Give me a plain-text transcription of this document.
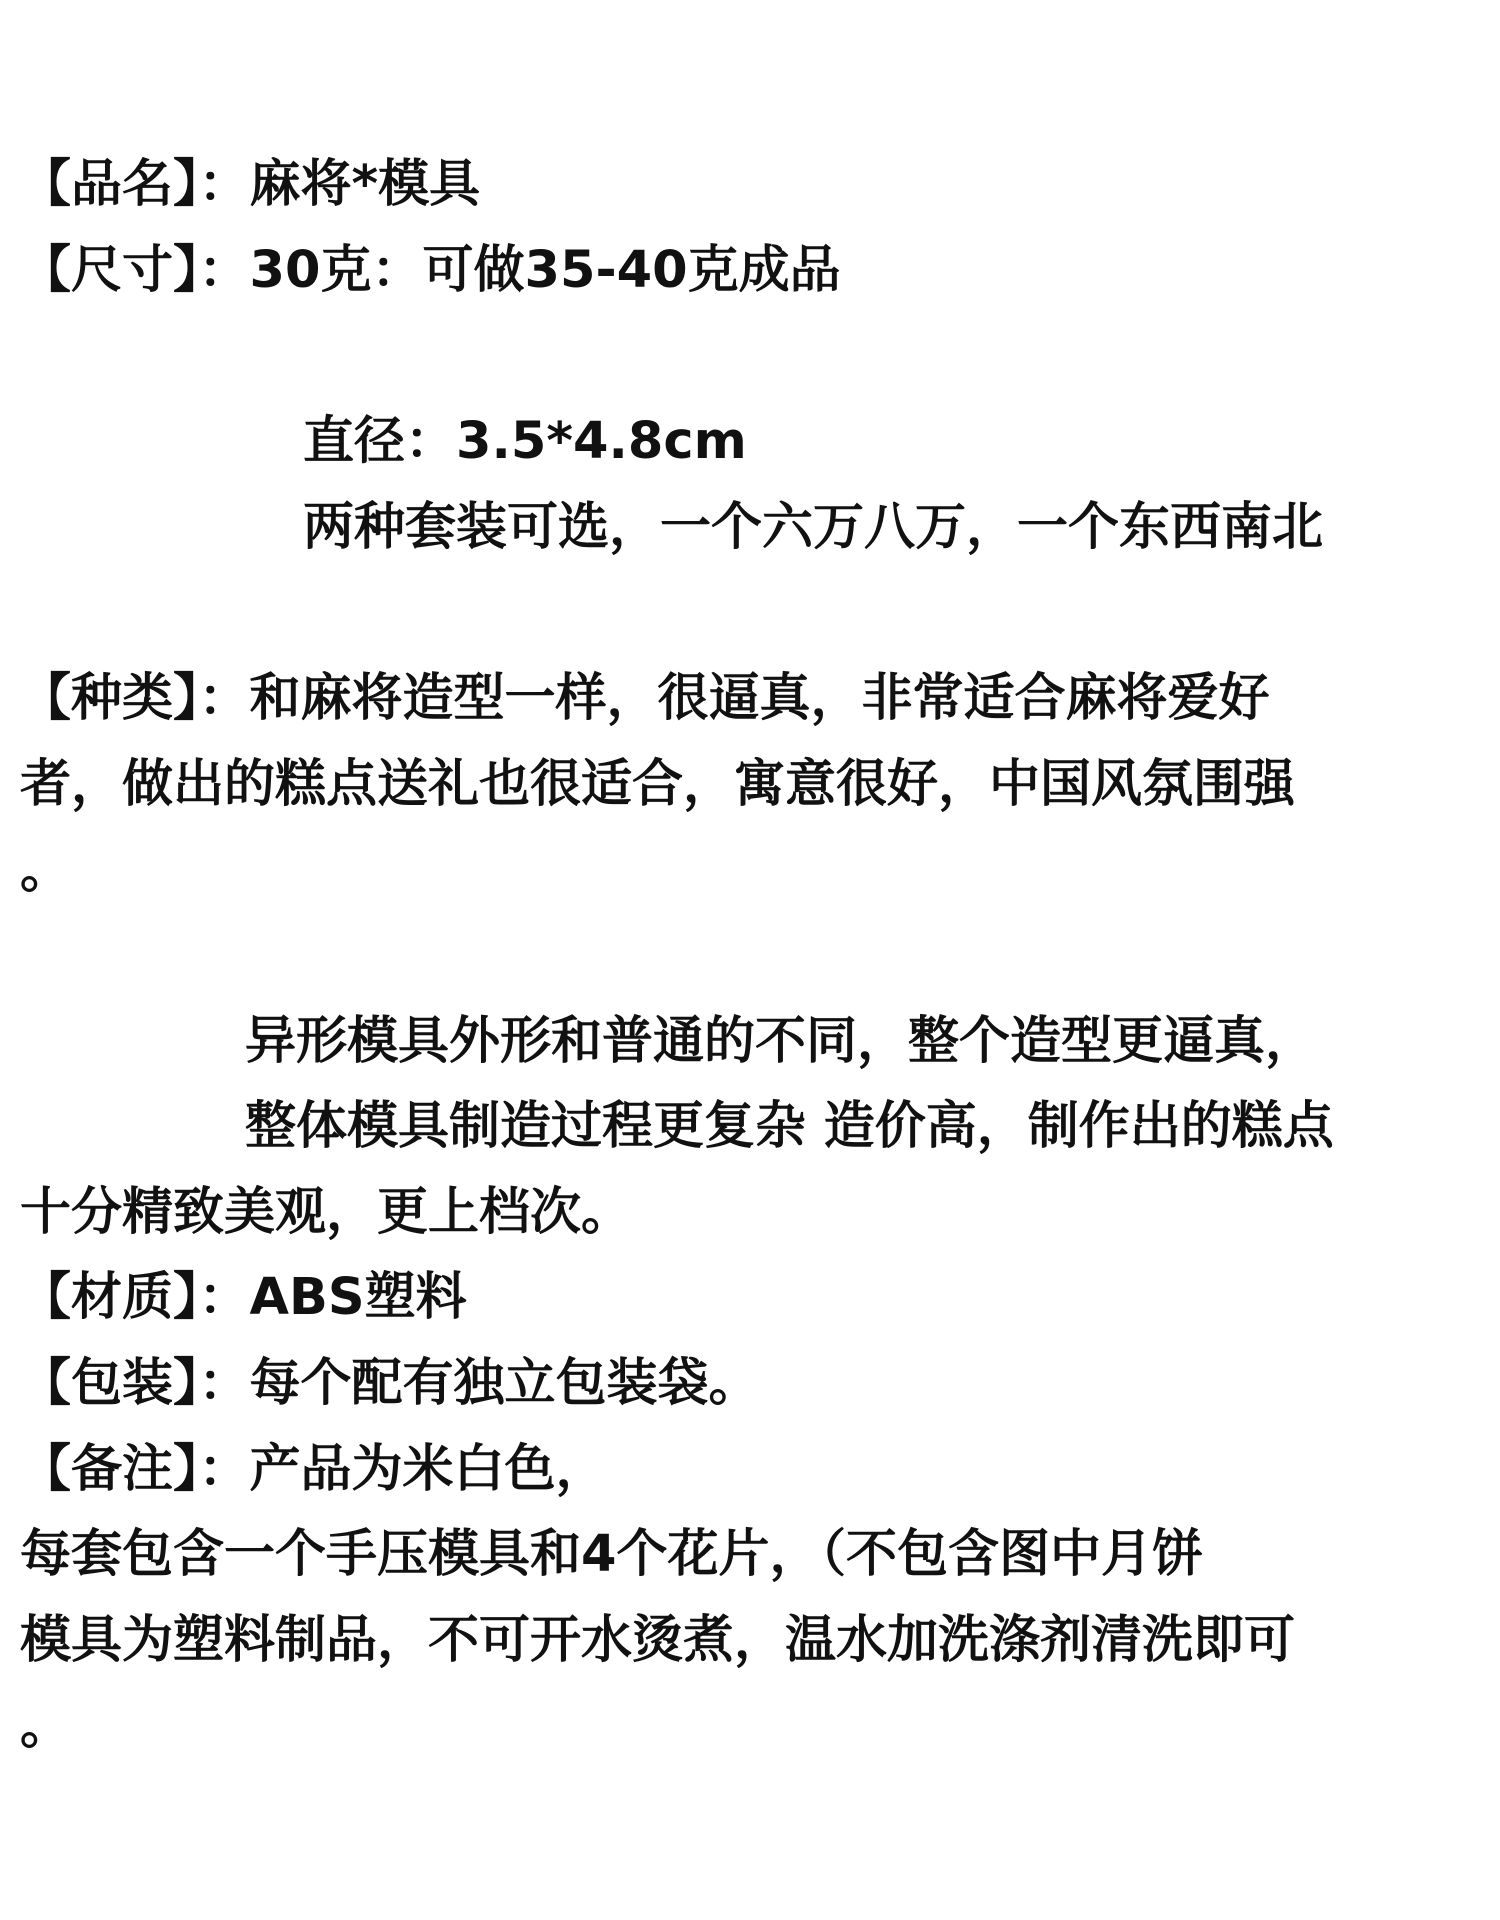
【品名】：麻将*模具
【尺寸】：30克：可做35-40克成品
直径：3.5*4.8cm
两种套装可选，一个六万八万，一个东西南北
【种类】：和麻将造型一样，很逼真，非常适合麻将爱好
者，做出的糕点送礼也很适合，寓意很好，中国风氛围强
。
异形模具外形和普通的不同，整个造型更逼真，
整体模具制造过程更复杂 造价高，制作出的糕点
十分精致美观，更上档次。
【材质】：ABS塑料
【包装】：每个配有独立包装袋。
【备注】：产品为米白色，
每套包含一个手压模具和4个花片，（不包含图中月饼
模具为塑料制品，不可开水烫煮，温水加洗涤剂清洗即可
。
